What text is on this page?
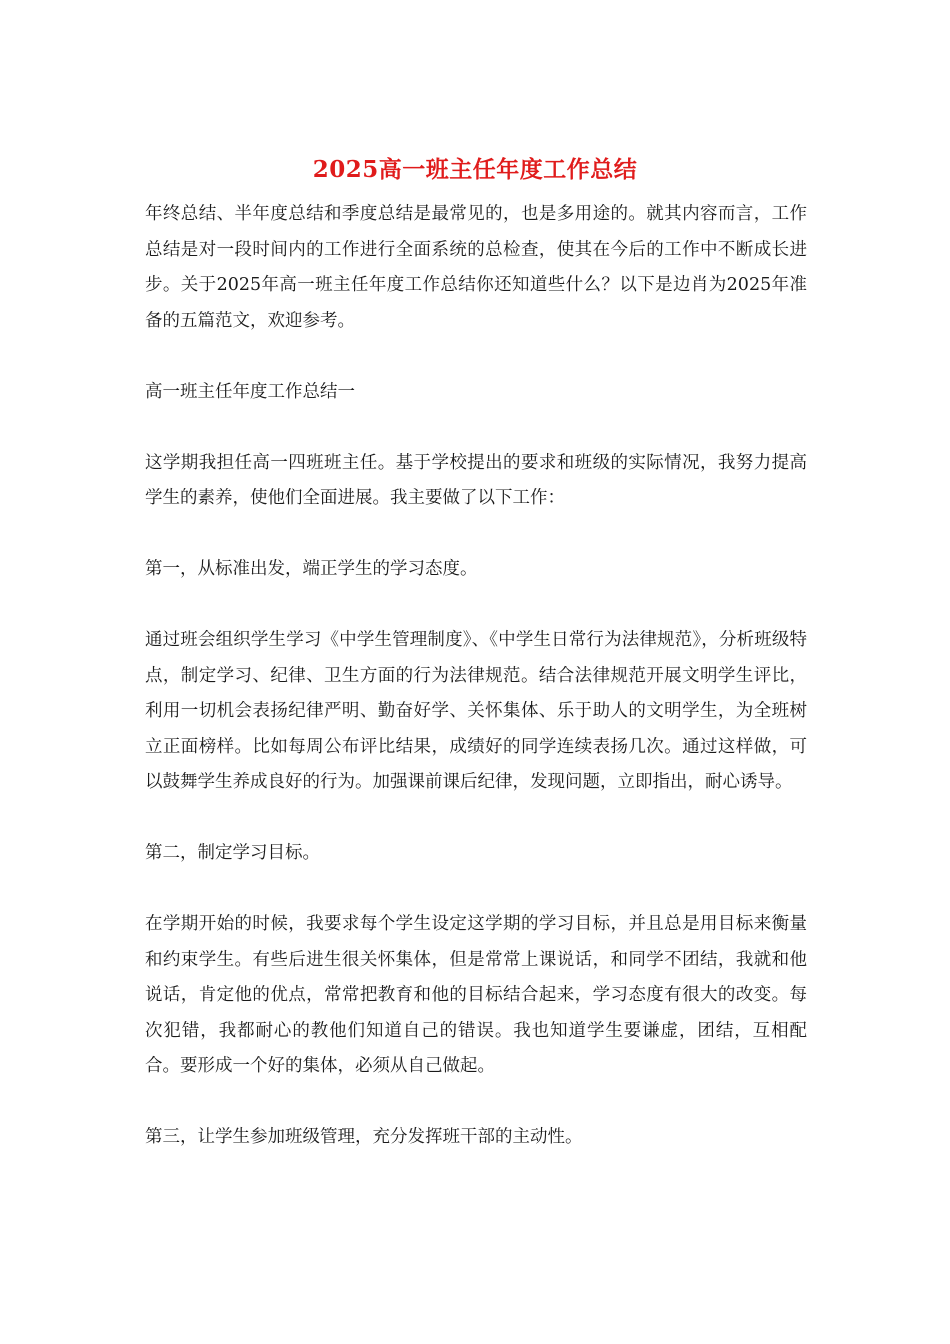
2025高一班主任年度工作总结

年终总结、半年度总结和季度总结是最常见的，也是多用途的。就其内容而言，工作总结是对一段时间内的工作进行全面系统的总检查，使其在今后的工作中不断成长进步。关于2025年高一班主任年度工作总结你还知道些什么？以下是边肖为2025年准备的五篇范文，欢迎参考。

高一班主任年度工作总结一

这学期我担任高一四班班主任。基于学校提出的要求和班级的实际情况，我努力提高学生的素养，使他们全面进展。我主要做了以下工作：

第一，从标准出发，端正学生的学习态度。

通过班会组织学生学习《中学生管理制度》、《中学生日常行为法律规范》，分析班级特点，制定学习、纪律、卫生方面的行为法律规范。结合法律规范开展文明学生评比，利用一切机会表扬纪律严明、勤奋好学、关怀集体、乐于助人的文明学生，为全班树立正面榜样。比如每周公布评比结果，成绩好的同学连续表扬几次。通过这样做，可以鼓舞学生养成良好的行为。加强课前课后纪律，发现问题，立即指出，耐心诱导。

第二，制定学习目标。

在学期开始的时候，我要求每个学生设定这学期的学习目标，并且总是用目标来衡量和约束学生。有些后进生很关怀集体，但是常常上课说话，和同学不团结，我就和他说话，肯定他的优点，常常把教育和他的目标结合起来，学习态度有很大的改变。每次犯错，我都耐心的教他们知道自己的错误。我也知道学生要谦虚，团结，互相配合。要形成一个好的集体，必须从自己做起。

第三，让学生参加班级管理，充分发挥班干部的主动性。
